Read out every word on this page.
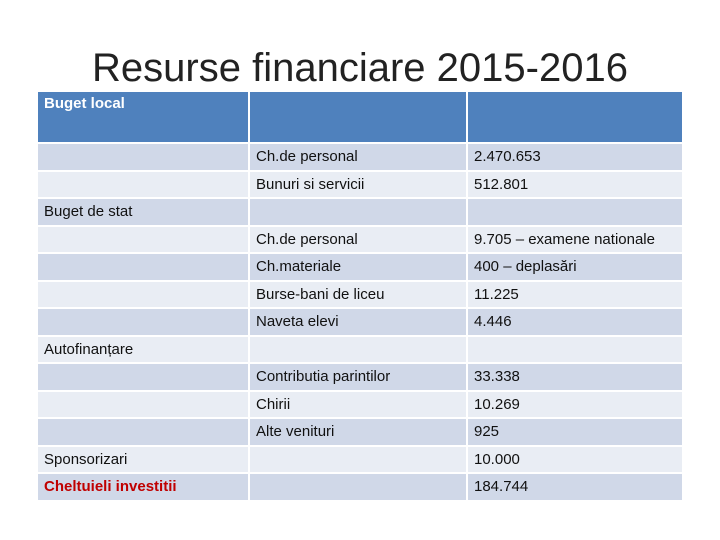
Resurse financiare 2015-2016
Buget local		
	Ch.de personal	2.470.653
	Bunuri si servicii	512.801
Buget de stat		
	Ch.de personal	9.705 – examene nationale
	Ch.materiale	400 – deplasări
	Burse-bani de liceu	11.225
	Naveta elevi	4.446
Autofinanțare		
	Contributia parintilor	33.338
	Chirii	10.269
	Alte venituri	925
Sponsorizari		10.000
Cheltuieli investitii		184.744
